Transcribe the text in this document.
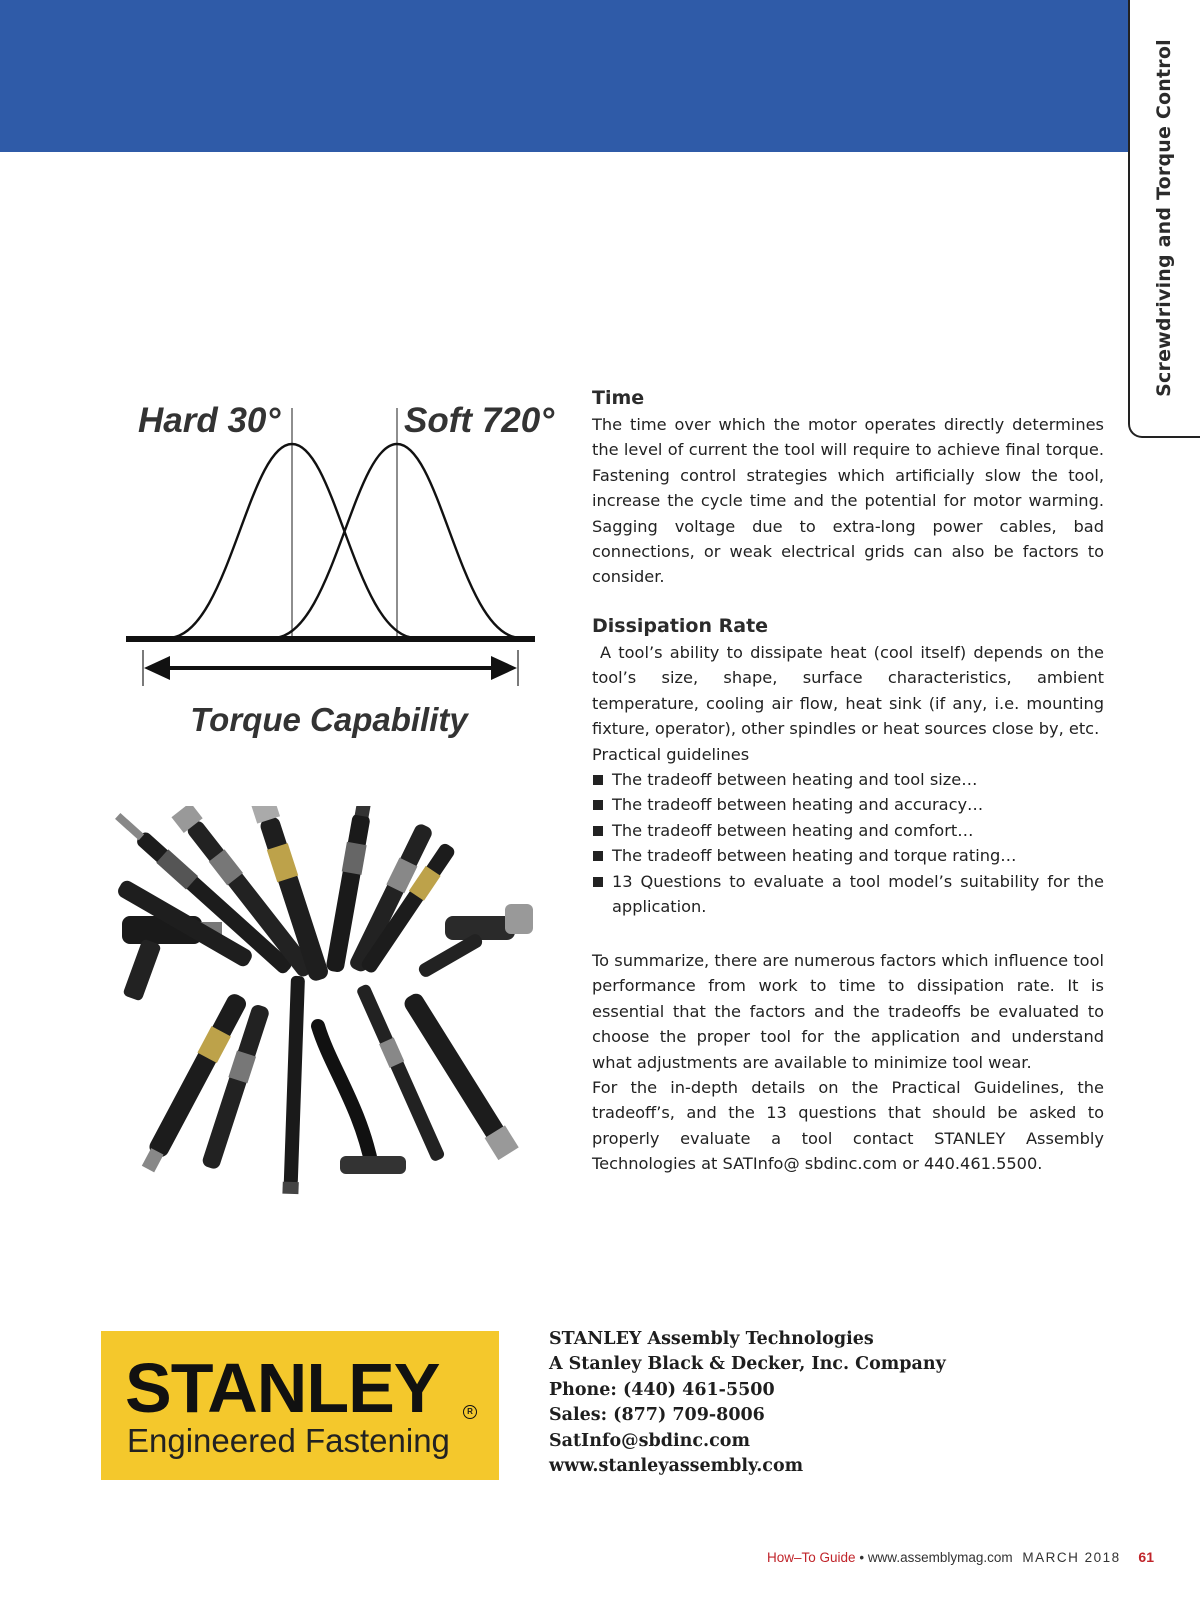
Screwdriving and Torque Control
Hard 30°	Soft 720°
Torque Capability
Time

The time over which the motor operates directly determines the level of current the tool will require to achieve final torque. Fastening control strategies which artificially slow the tool, increase the cycle time and the potential for motor warming. Sagging voltage due to extra-long power cables, bad connections, or weak electrical grids can also be factors to consider.

Dissipation Rate

A tool’s ability to dissipate heat (cool itself) depends on the tool’s size, shape, surface characteristics, ambient temperature, cooling air flow, heat sink (if any, i.e. mounting fixture, operator), other spindles or heat sources close by, etc.

Practical guidelines

The tradeoff between heating and tool size…
The tradeoff between heating and accuracy…
The tradeoff between heating and comfort…
The tradeoff between heating and torque rating…
13 Questions to evaluate a tool model’s suitability for the application.

To summarize, there are numerous factors which influence tool performance from work to time to dissipation rate. It is essential that the factors and the tradeoffs be evaluated to choose the proper tool for the application and understand what adjustments are available to minimize tool wear.

For the in-depth details on the Practical Guidelines, the tradeoff’s, and the 13 questions that should be asked to properly evaluate a tool contact STANLEY Assembly Technologies at SATInfo@ sbdinc.com or 440.461.5500.

STANLEY	R
Engineered Fastening
STANLEY Assembly Technologies
A Stanley Black & Decker, Inc. Company
Phone: (440) 461-5500
Sales: (877) 709-8006
SatInfo@sbdinc.com
www.stanleyassembly.com
How–To Guide • www.assemblymag.com MARCH 2018 61
